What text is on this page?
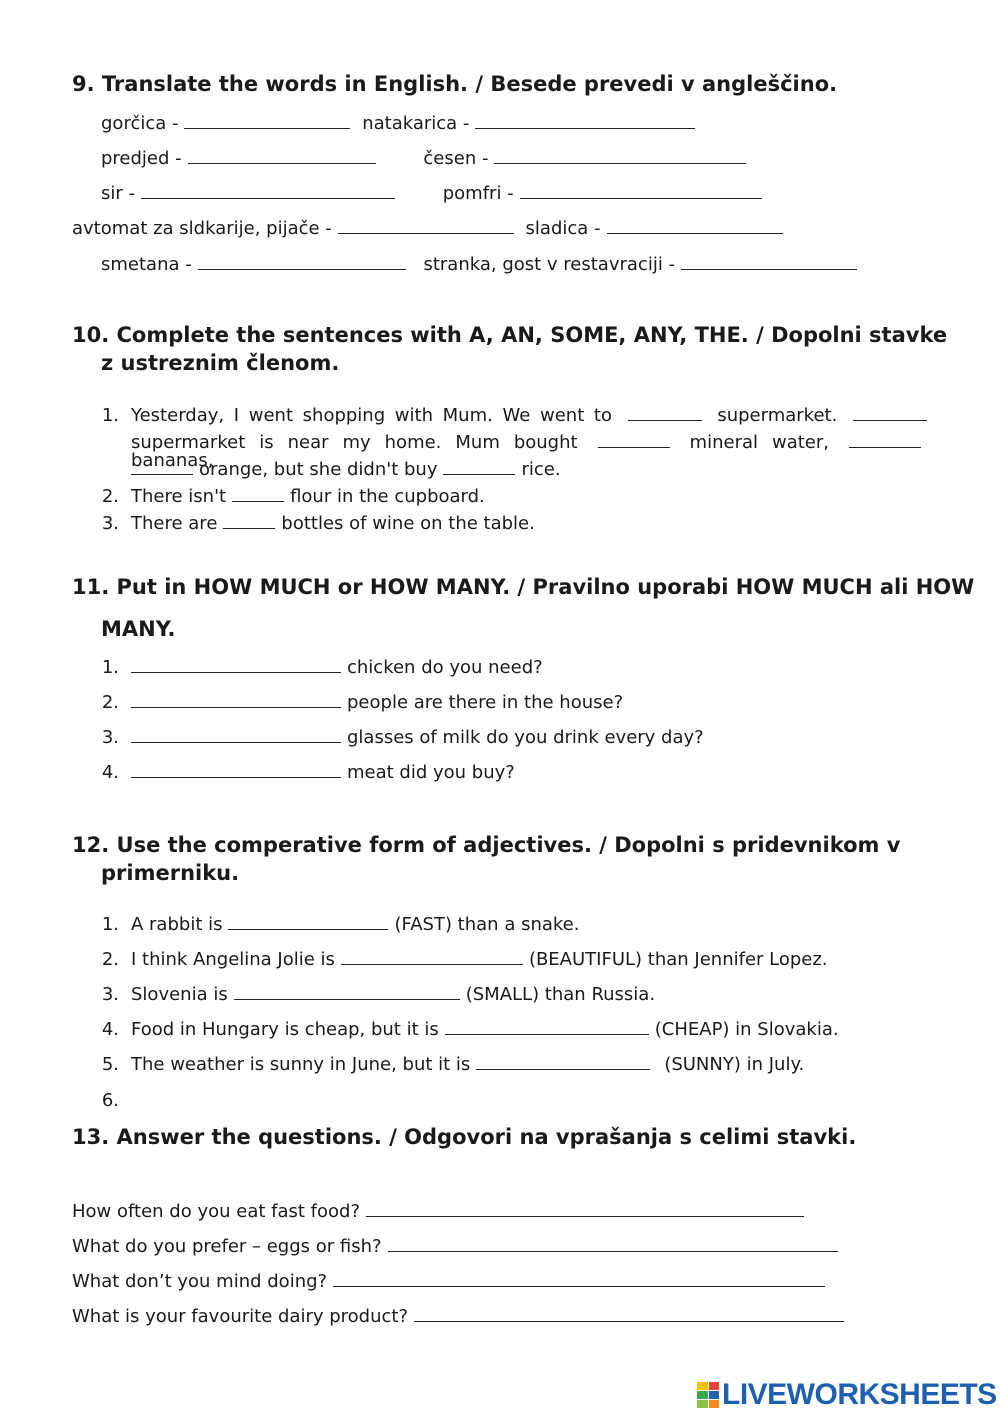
9. Translate the words in English. / Besede prevedi v angleščino.
gorčica -	natakarica -
predjed -	česen -
sir -	pomfri -
avtomat za sldkarije, pijače -	sladica -
smetana -	stranka, gost v restavraciji -
10. Complete the sentences with A, AN, SOME, ANY, THE. / Dopolni stavke
z ustreznim členom.
1. Yesterday, I went shopping with Mum. We went to	supermarket.
supermarket is near my home. Mum bought	mineral water,  bananas,
orange, but she didn't buy	rice.
2. There isn't	flour in the cupboard.
3. There are	bottles of wine on the table.
11. Put in HOW MUCH or HOW MANY. / Pravilno uporabi HOW MUCH ali HOW
MANY.
1.	chicken do you need?
2.	people are there in the house?
3.	glasses of milk do you drink every day?
4.	meat did you buy?
12. Use the comperative form of adjectives. / Dopolni s pridevnikom v
primerniku.
1. A rabbit is	(FAST) than a snake.
2. I think Angelina Jolie is	(BEAUTIFUL) than Jennifer Lopez.
3. Slovenia is	(SMALL) than Russia.
4. Food in Hungary is cheap, but it is	(CHEAP) in Slovakia.
5. The weather is sunny in June, but it is	(SUNNY) in July.
6.
13. Answer the questions. / Odgovori na vprašanja s celimi stavki.
How often do you eat fast food?
What do you prefer – eggs or fish?
What don’t you mind doing?
What is your favourite dairy product?
LIVEWORKSHEETS
